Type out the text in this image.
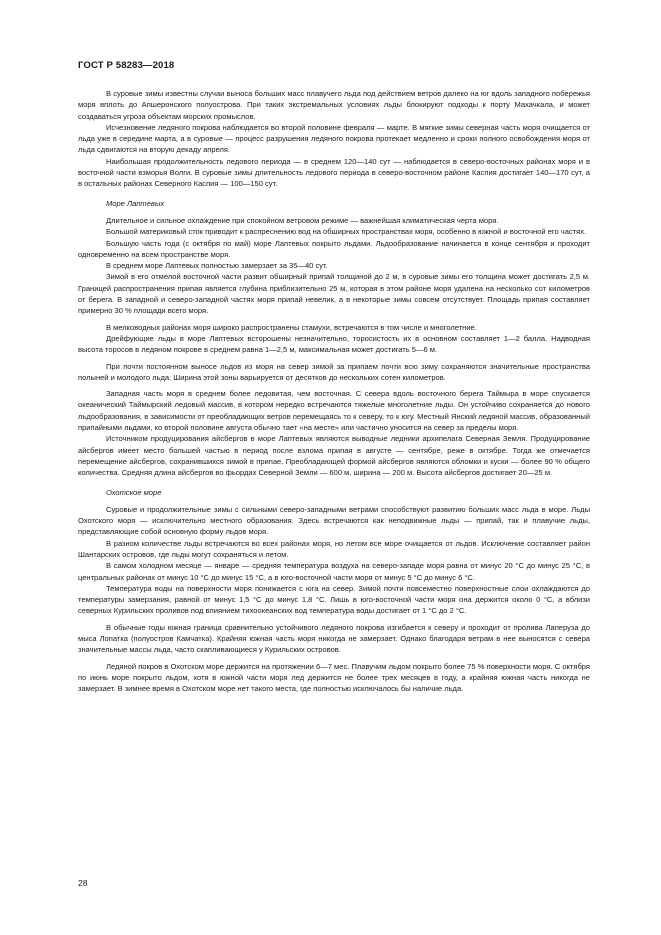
ГОСТ Р 58283—2018

В суровые зимы известны случаи выноса больших масс плавучего льда под действием ветров далеко на юг вдоль западного побережья моря вплоть до Апшеронского полуострова. При таких экстремальных условиях льды блокируют подходы к порту Махачкала, и может создаваться угроза объектам морских промыслов.

Исчезновение ледяного покрова наблюдается во второй половине февраля — марте. В мягкие зимы северная часть моря очищается от льда уже в середине марта, а в суровые — процесс разрушения ледяного покрова протекает медленно и сроки полного освобождения моря от льда сдвигаются на вторую декаду апреля.

Наибольшая продолжительность ледового периода — в среднем 120—140 сут — наблюдается в северо-восточных районах моря и в восточной части взморья Волги. В суровые зимы длительность ледового периода в северо-восточном районе Каспия достигает 140—170 сут, а в остальных районах Северного Каспия — 100—150 сут.

Море Лаптевых

Длительное и сильное охлаждение при спокойном ветровом режиме — важнейшая климатическая черта моря.

Большой материковый сток приводит к распреснению вод на обширных пространствах моря, особенно в южной и восточной его частях.

Большую часть года (с октября по май) море Лаптевых покрыто льдами. Льдообразование начинается в конце сентября и проходит одновременно на всем пространстве моря.

В среднем море Лаптевых полностью замерзает за 35—40 сут.

Зимой в его отмелой восточной части развит обширный припай толщиной до 2 м, в суровые зимы его толщина может достигать 2,5 м. Границей распространения припая является глубина приблизительно 25 м, которая в этом районе моря удалена на несколько сот километров от берега. В западной и северо-западной частях моря припай невелик, а в некоторые зимы совсем отсутствует. Площадь припая составляет примерно 30 % площади всего моря.

В мелководных районах моря широко распространены стамухи, встречаются в том числе и многолетние.

Дрейфующие льды в море Лаптевых всторошены незначительно, торосистость их в основном составляет 1—2 балла. Надводная высота торосов в ледяном покрове в среднем равна 1—2,5 м, максимальная может достигать 5—6 м.

При почти постоянном выносе льдов из моря на север зимой за припаем почти всю зиму сохраняются значительные пространства полыней и молодого льда. Ширина этой зоны варьируется от десятков до нескольких сотен километров.

Западная часть моря в среднем более ледовитая, чем восточная. С севера вдоль восточного берега Таймыра в море спускается океанический Таймырский ледовый массив, в котором нередко встречаются тяжелые многолетние льды. Он устойчиво сохраняется до нового льдообразования, в зависимости от преобладающих ветров перемещаясь то к северу, то к югу. Местный Янский ледяной массив, образованный припайными льдами, ко второй половине августа обычно тает «на месте» или частично уносится на север за пределы моря.

Источником продуцирования айсбергов в море Лаптевых являются выводные ледники архипелага Северная Земля. Продуцирование айсбергов имеет место большей частью в период после взлома припая в августе — сентябре, реже в октябре. Тогда же отмечается перемещение айсбергов, сохранившихся зимой в припае. Преобладающей формой айсбергов являются обломки и куски — более 90 % общего количества. Средняя длина айсбергов во фьордах Северной Земли — 600 м, ширина — 200 м. Высота айсбергов достигает 20—25 м.

Охотское море

Суровые и продолжительные зимы с сильными северо-западными ветрами способствуют развитию больших масс льда в море. Льды Охотского моря — исключительно местного образования. Здесь встречаются как неподвижные льды — припай, так и плавучие льды, представляющие собой основную форму льдов моря.

В разном количестве льды встречаются во всех районах моря, но летом все море очищается от льдов. Исключение составляет район Шантарских островов, где льды могут сохраняться и летом.

В самом холодном месяце — январе — средняя температура воздуха на северо-западе моря равна от минус 20 °С до минус 25 °С, в центральных районах от минус 10 °С до минус 15 °С, а в юго-восточной части моря от минус 5 °С до минус 6 °С.

Температура воды на поверхности моря понижается с юга на север. Зимой почти повсеместно поверхностные слои охлаждаются до температуры замерзания, равной от минус 1,5 °С до минус 1,8 °С. Лишь в юго-восточной части моря она держится около 0 °С, а вблизи северных Курильских проливов под влиянием тихоокеанских вод температура воды достигает от 1 °С до 2 °С.

В обычные годы южная граница сравнительно устойчивого ледяного покрова изгибается к северу и проходит от пролива Лаперуза до мыса Лопатка (полуостров Камчатка). Крайняя южная часть моря никогда не замерзает. Однако благодаря ветрам в нее выносятся с севера значительные массы льда, часто скапливающиеся у Курильских островов.

Ледяной покров в Охотском море держится на протяжении 6—7 мес. Плавучим льдом покрыто более 75 % поверхности моря. С октября по июнь море покрыто льдом, хотя в южной части моря лед держится не более трех месяцев в году, а крайняя южная часть никогда не замерзает. В зимнее время в Охотском море нет такого места, где полностью исключалось бы наличие льда.

28
